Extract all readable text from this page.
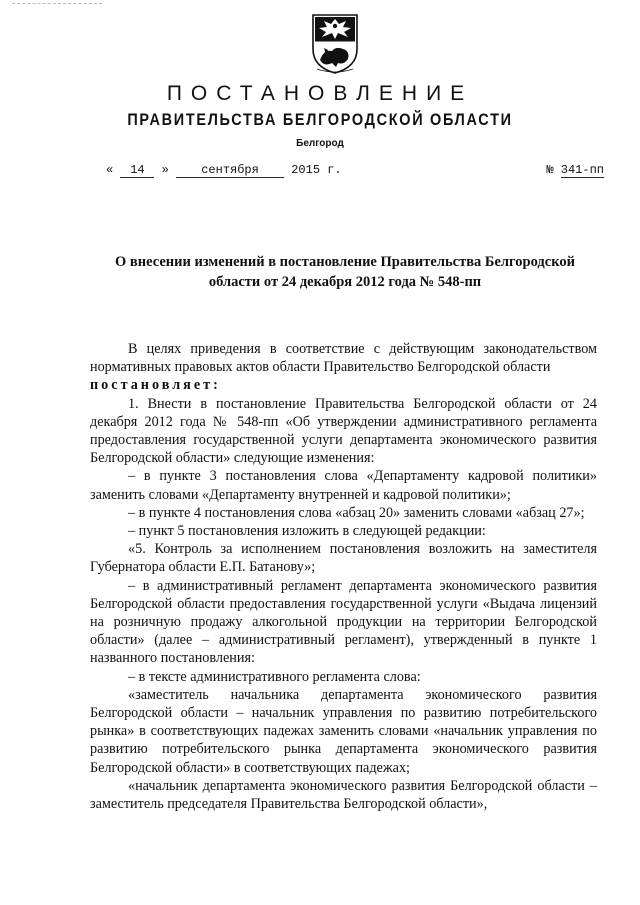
ПОСТАНОВЛЕНИЕ
ПРАВИТЕЛЬСТВА БЕЛГОРОДСКОЙ ОБЛАСТИ
Белгород
« 14 »	сентября	2015 г.	№ 341-пп
О внесении изменений в постановление Правительства Белгородской области от 24 декабря 2012 года № 548-пп

В целях приведения в соответствие с действующим законодательством нормативных правовых актов области Правительство Белгородской области

постановляет:

1. Внести в постановление Правительства Белгородской области от 24 декабря 2012 года № 548-пп «Об утверждении административного регламента предоставления государственной услуги департамента экономического развития Белгородской области» следующие изменения:

– в пункте 3 постановления слова «Департаменту кадровой политики» заменить словами «Департаменту внутренней и кадровой политики»;

– в пункте 4 постановления слова «абзац 20» заменить словами «абзац 27»;

– пункт 5 постановления изложить в следующей редакции:

«5. Контроль за исполнением постановления возложить на заместителя Губернатора области Е.П. Батанову»;

– в административный регламент департамента экономического развития Белгородской области предоставления государственной услуги «Выдача лицензий на розничную продажу алкогольной продукции на территории Белгородской области» (далее – административный регламент), утвержденный в пункте 1 названного постановления:

– в тексте административного регламента слова:

«заместитель начальника департамента экономического развития Белгородской области – начальник управления по развитию потребительского рынка» в соответствующих падежах заменить словами «начальник управления по развитию потребительского рынка департамента экономического развития Белгородской области» в соответствующих падежах;

«начальник департамента экономического развития Белгородской области – заместитель председателя Правительства Белгородской области»,
